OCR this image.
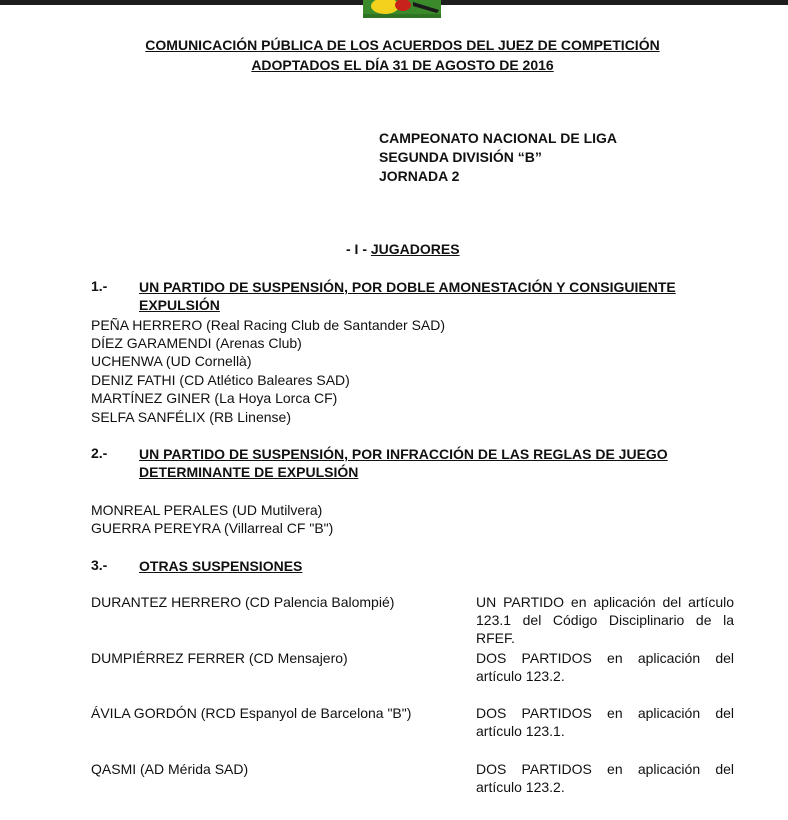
COMUNICACIÓN PÚBLICA DE LOS ACUERDOS DEL JUEZ DE COMPETICIÓN
ADOPTADOS EL DÍA 31 DE AGOSTO DE 2016
CAMPEONATO NACIONAL DE LIGA
SEGUNDA DIVISIÓN “B”
JORNADA 2
- I - JUGADORES
1.- UN PARTIDO DE SUSPENSIÓN, POR DOBLE AMONESTACIÓN Y CONSIGUIENTE EXPULSIÓN
PEÑA HERRERO (Real Racing Club de Santander SAD)
DÍEZ GARAMENDI (Arenas Club)
UCHENWA (UD Cornellà)
DENIZ FATHI (CD Atlético Baleares SAD)
MARTÍNEZ GINER (La Hoya Lorca CF)
SELFA SANFÉLIX (RB Linense)
2.- UN PARTIDO DE SUSPENSIÓN, POR INFRACCIÓN DE LAS REGLAS DE JUEGO DETERMINANTE DE EXPULSIÓN
MONREAL PERALES (UD Mutilvera)
GUERRA PEREYRA (Villarreal CF "B")
3.- OTRAS SUSPENSIONES
DURANTEZ HERRERO (CD Palencia Balompié)	UN PARTIDO en aplicación del artículo 123.1 del Código Disciplinario de la RFEF.
DUMPIÉRREZ FERRER (CD Mensajero)	DOS PARTIDOS en aplicación del artículo 123.2.
ÁVILA GORDÓN (RCD Espanyol de Barcelona "B")	DOS PARTIDOS en aplicación del artículo 123.1.
QASMI (AD Mérida SAD)	DOS PARTIDOS en aplicación del artículo 123.2.
